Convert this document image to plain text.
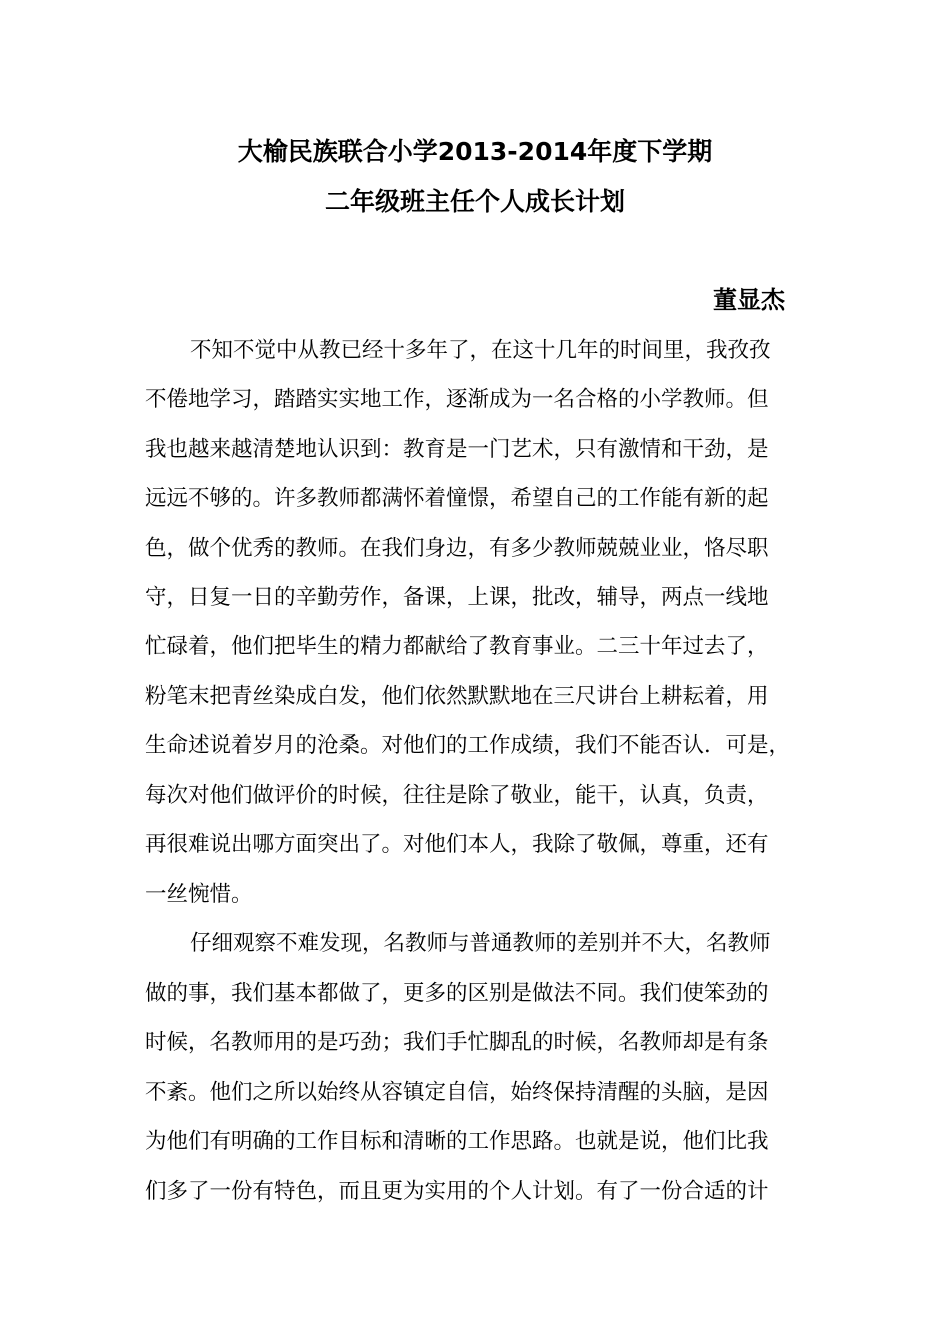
大榆民族联合小学2013-2014年度下学期
二年级班主任个人成长计划
董显杰
不知不觉中从教已经十多年了，在这十几年的时间里，我孜孜
不倦地学习，踏踏实实地工作，逐渐成为一名合格的小学教师。但
我也越来越清楚地认识到：教育是一门艺术，只有激情和干劲，是
远远不够的。许多教师都满怀着憧憬，希望自己的工作能有新的起
色，做个优秀的教师。在我们身边，有多少教师兢兢业业，恪尽职
守，日复一日的辛勤劳作，备课，上课，批改，辅导，两点一线地
忙碌着，他们把毕生的精力都献给了教育事业。二三十年过去了，
粉笔末把青丝染成白发，他们依然默默地在三尺讲台上耕耘着，用
生命述说着岁月的沧桑。对他们的工作成绩，我们不能否认．可是，
每次对他们做评价的时候，往往是除了敬业，能干，认真，负责，
再很难说出哪方面突出了。对他们本人，我除了敬佩，尊重，还有
一丝惋惜。
仔细观察不难发现，名教师与普通教师的差别并不大，名教师
做的事，我们基本都做了，更多的区别是做法不同。我们使笨劲的
时候，名教师用的是巧劲；我们手忙脚乱的时候，名教师却是有条
不紊。他们之所以始终从容镇定自信，始终保持清醒的头脑，是因
为他们有明确的工作目标和清晰的工作思路。也就是说，他们比我
们多了一份有特色，而且更为实用的个人计划。有了一份合适的计
